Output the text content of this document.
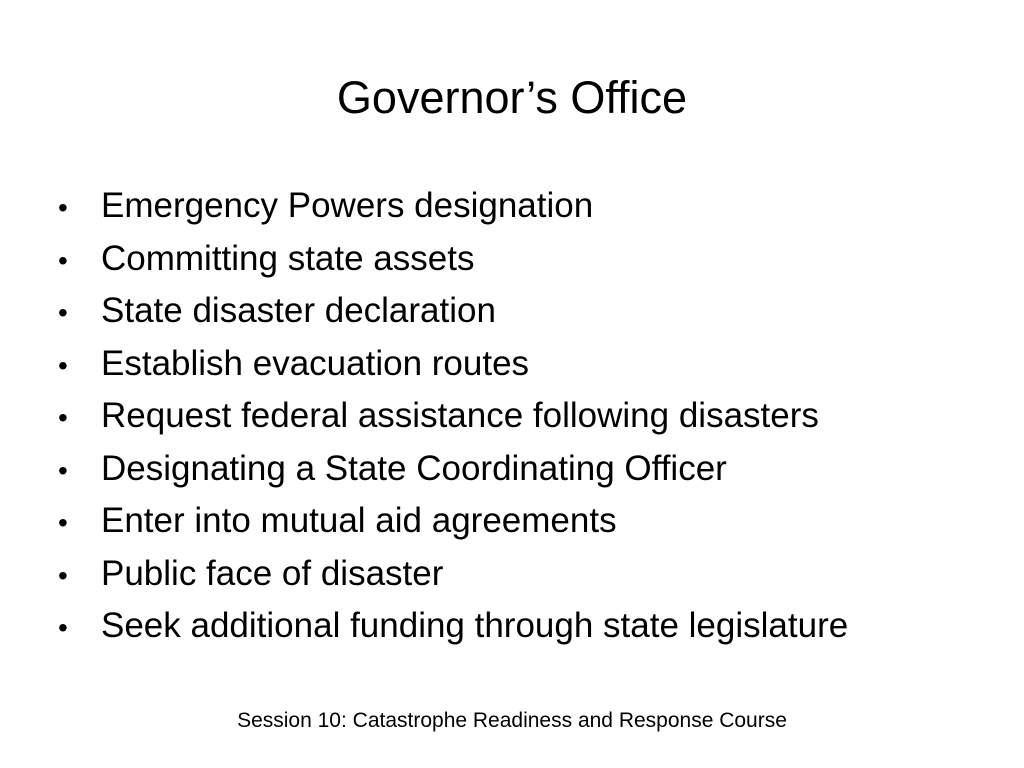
Governor’s Office
• Emergency Powers designation
• Committing state assets
• State disaster declaration
• Establish evacuation routes
• Request federal assistance following disasters
• Designating a State Coordinating Officer
• Enter into mutual aid agreements
• Public face of disaster
• Seek additional funding through state legislature
Session 10: Catastrophe Readiness and Response Course
